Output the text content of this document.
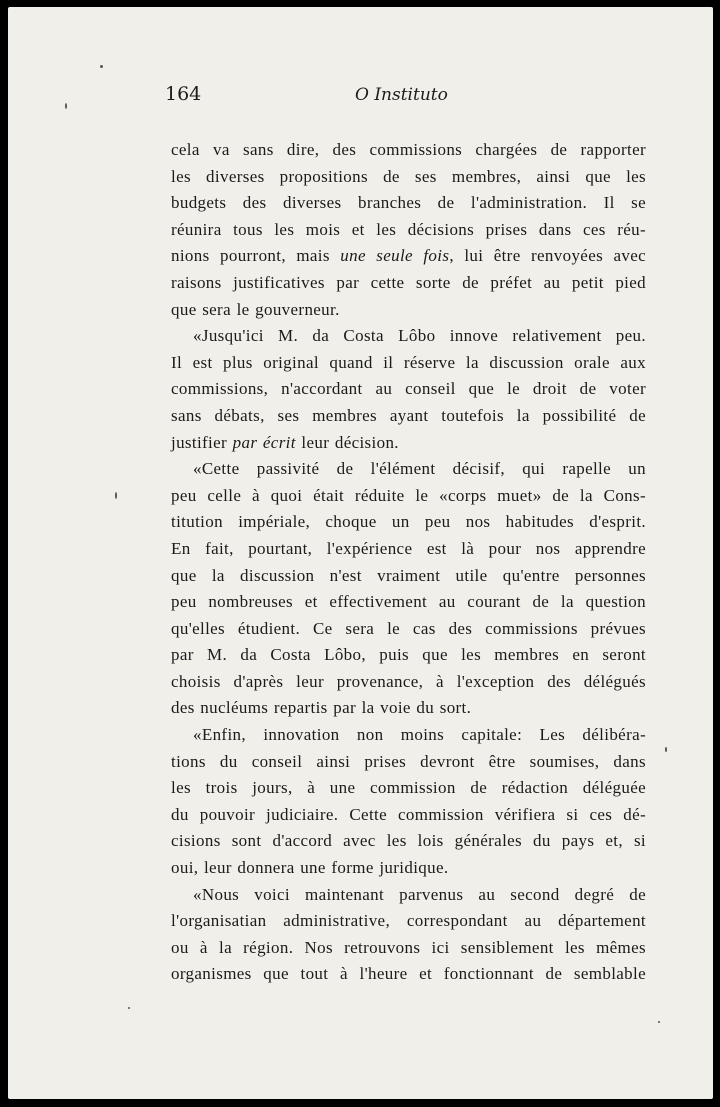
164	O Instituto
cela va sans dire, des commissions chargées de rapporter
les diverses propositions de ses membres, ainsi que les
budgets des diverses branches de l'administration. Il se
réunira tous les mois et les décisions prises dans ces réu-
nions pourront, mais une seule fois, lui être renvoyées avec
raisons justificatives par cette sorte de préfet au petit pied
que sera le gouverneur.
«Jusqu'ici M. da Costa Lôbo innove relativement peu.
Il est plus original quand il réserve la discussion orale aux
commissions, n'accordant au conseil que le droit de voter
sans débats, ses membres ayant toutefois la possibilité de
justifier par écrit leur décision.
«Cette passivité de l'élément décisif, qui rapelle un
peu celle à quoi était réduite le «corps muet» de la Cons-
titution impériale, choque un peu nos habitudes d'esprit.
En fait, pourtant, l'expérience est là pour nos apprendre
que la discussion n'est vraiment utile qu'entre personnes
peu nombreuses et effectivement au courant de la question
qu'elles étudient. Ce sera le cas des commissions prévues
par M. da Costa Lôbo, puis que les membres en seront
choisis d'après leur provenance, à l'exception des délégués
des nucléums repartis par la voie du sort.
«Enfin, innovation non moins capitale: Les délibéra-
tions du conseil ainsi prises devront être soumises, dans
les trois jours, à une commission de rédaction déléguée
du pouvoir judiciaire. Cette commission vérifiera si ces dé-
cisions sont d'accord avec les lois générales du pays et, si
oui, leur donnera une forme juridique.
«Nous voici maintenant parvenus au second degré de
l'organisatian administrative, correspondant au département
ou à la région. Nos retrouvons ici sensiblement les mêmes
organismes que tout à l'heure et fonctionnant de semblable
